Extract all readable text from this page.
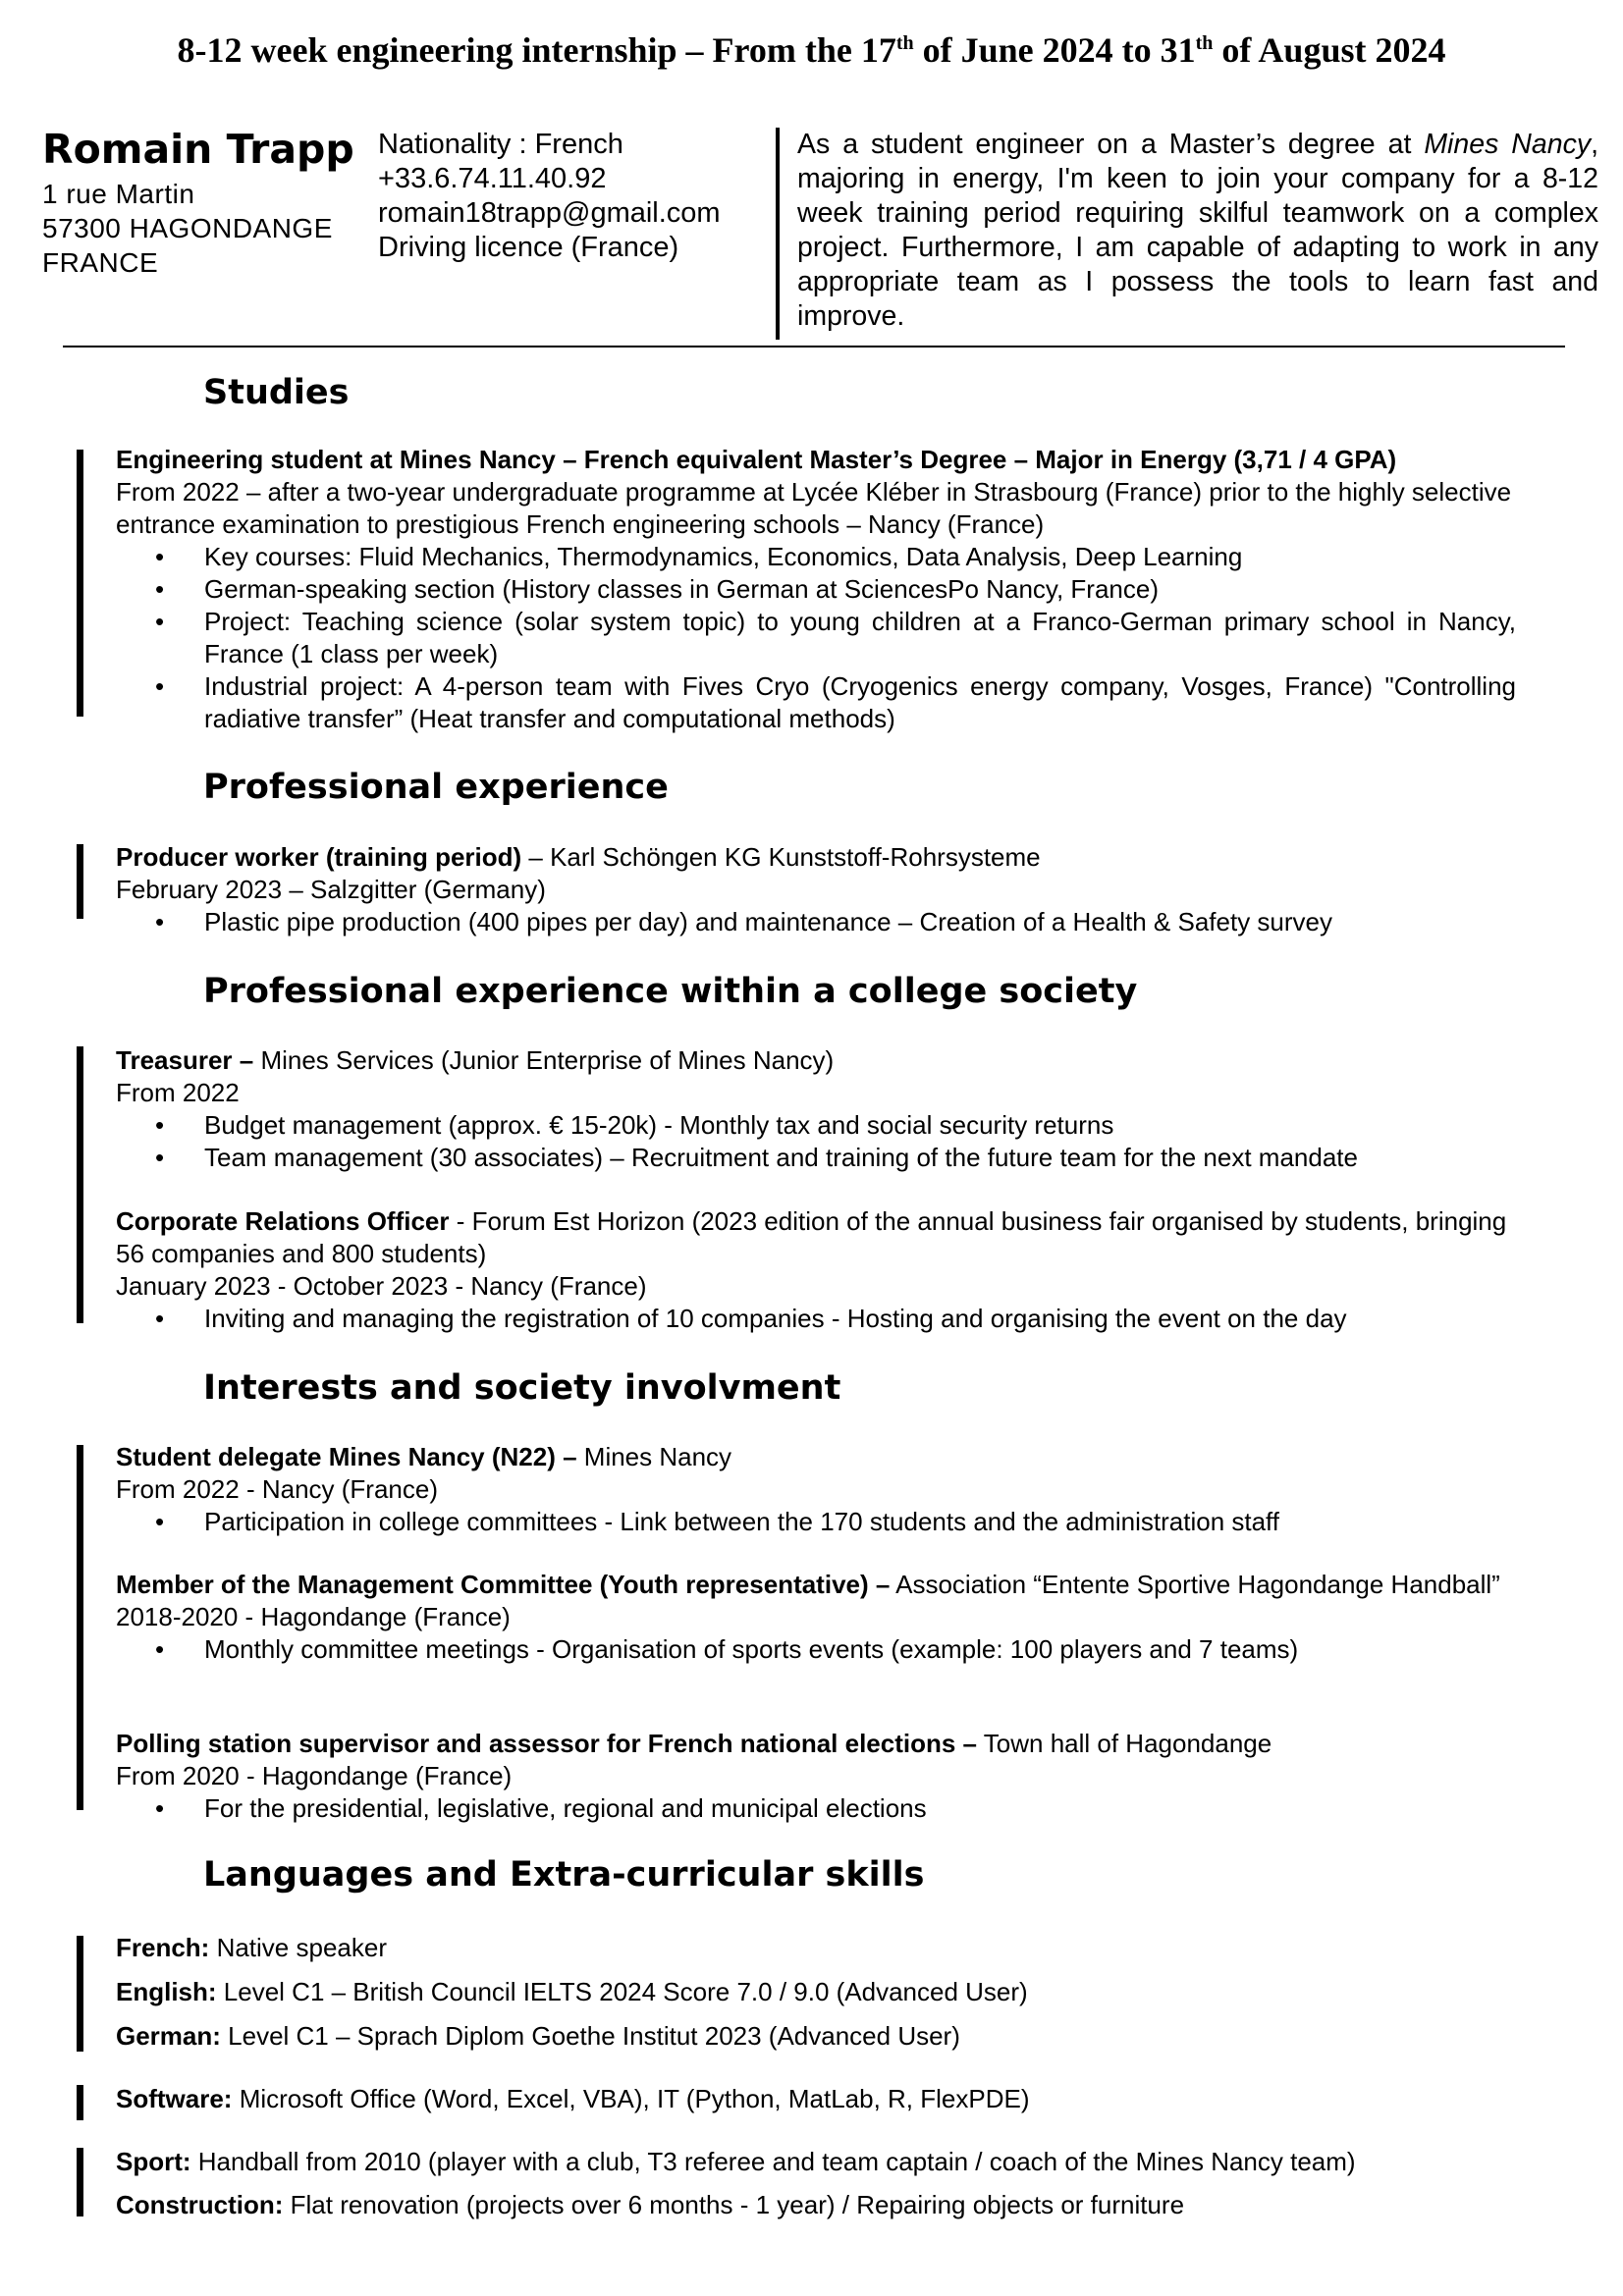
8-12 week engineering internship – From the 17th of June 2024 to 31th of August 2024
Romain Trapp
1 rue Martin
57300 HAGONDANGE
FRANCE
Nationality : French
+33.6.74.11.40.92
romain18trapp@gmail.com
Driving licence (France)
As a student engineer on a Master’s degree at Mines Nancy, majoring in energy, I'm keen to join your company for a 8-12 week training period requiring skilful teamwork on a complex project. Furthermore, I am capable of adapting to work in any appropriate team as I possess the tools to learn fast and improve.
Studies

Engineering student at Mines Nancy – French equivalent Master’s Degree – Major in Energy (3,71 / 4 GPA)

From 2022 – after a two-year undergraduate programme at Lycée Kléber in Strasbourg (France) prior to the highly selective entrance examination to prestigious French engineering schools – Nancy (France)

• Key courses: Fluid Mechanics, Thermodynamics, Economics, Data Analysis, Deep Learning
• German-speaking section (History classes in German at SciencesPo Nancy, France)
• Project: Teaching science (solar system topic) to young children at a Franco-German primary school in Nancy, France (1 class per week)
• Industrial project: A 4-person team with Fives Cryo (Cryogenics energy company, Vosges, France) "Controlling radiative transfer” (Heat transfer and computational methods)
Professional experience

Producer worker (training period) – Karl Schöngen KG Kunststoff-Rohrsysteme

February 2023 – Salzgitter (Germany)

• Plastic pipe production (400 pipes per day) and maintenance – Creation of a Health & Safety survey
Professional experience within a college society

Treasurer – Mines Services (Junior Enterprise of Mines Nancy)

From 2022

• Budget management (approx. € 15-20k) - Monthly tax and social security returns
• Team management (30 associates) – Recruitment and training of the future team for the next mandate

Corporate Relations Officer - Forum Est Horizon (2023 edition of the annual business fair organised by students, bringing 56 companies and 800 students)

January 2023 - October 2023 - Nancy (France)

• Inviting and managing the registration of 10 companies - Hosting and organising the event on the day
Interests and society involvment

Student delegate Mines Nancy (N22) – Mines Nancy

From 2022 - Nancy (France)

• Participation in college committees - Link between the 170 students and the administration staff

Member of the Management Committee (Youth representative) – Association “Entente Sportive Hagondange Handball”

2018-2020 - Hagondange (France)

• Monthly committee meetings - Organisation of sports events (example: 100 players and 7 teams)

Polling station supervisor and assessor for French national elections – Town hall of Hagondange

From 2020 - Hagondange (France)

• For the presidential, legislative, regional and municipal elections
Languages and Extra-curricular skills
French: Native speaker
English: Level C1 – British Council IELTS 2024 Score 7.0 / 9.0 (Advanced User)
German: Level C1 – Sprach Diplom Goethe Institut 2023 (Advanced User)
Software: Microsoft Office (Word, Excel, VBA), IT (Python, MatLab, R, FlexPDE)
Sport: Handball from 2010 (player with a club, T3 referee and team captain / coach of the Mines Nancy team)
Construction: Flat renovation (projects over 6 months - 1 year) / Repairing objects or furniture
